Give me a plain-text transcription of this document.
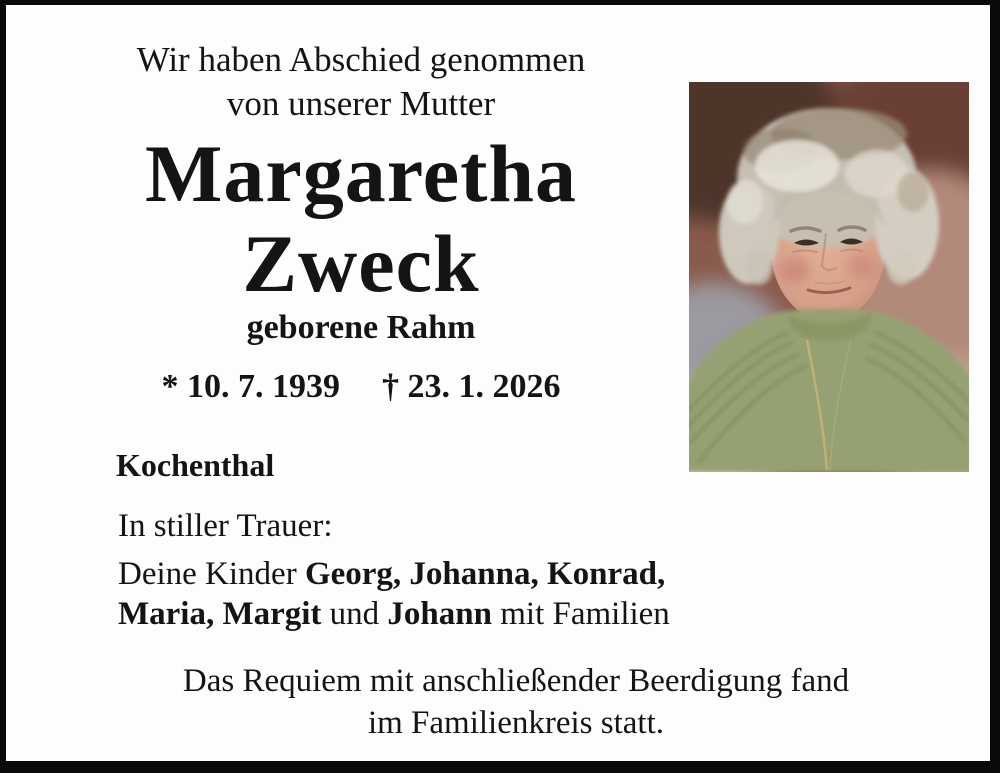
Wir haben Abschied genommen
von unserer Mutter
Margaretha
Zweck
geborene Rahm
* 10. 7. 1939 † 23. 1. 2026
Kochenthal
In stiller Trauer:
Deine Kinder Georg, Johanna, Konrad,
Maria, Margit und Johann mit Familien
Das Requiem mit anschließender Beerdigung fand
im Familienkreis statt.
